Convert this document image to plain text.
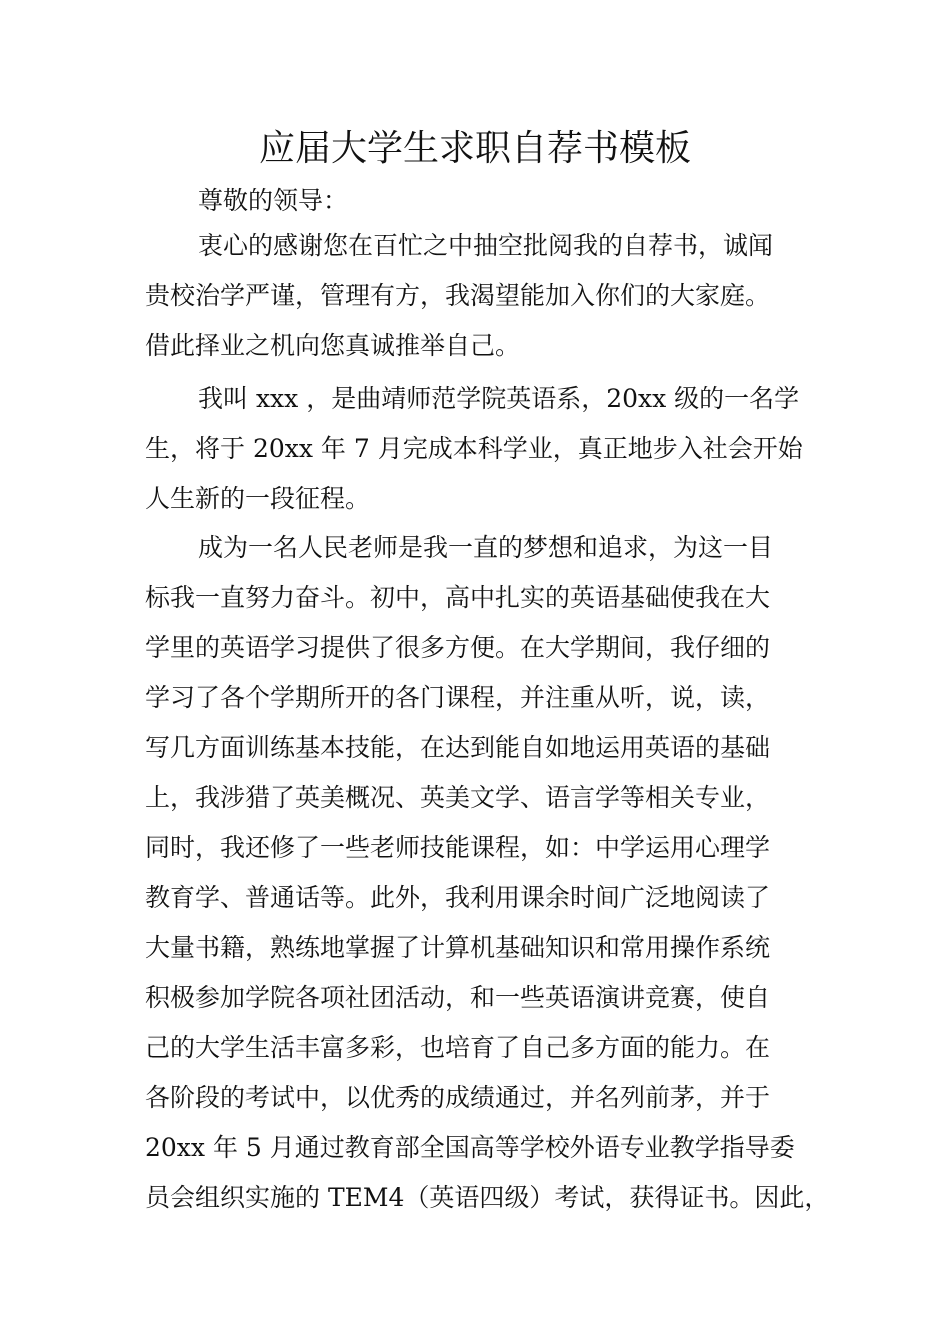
应届大学生求职自荐书模板
尊敬的领导：
衷心的感谢您在百忙之中抽空批阅我的自荐书，诚闻
贵校治学严谨，管理有方，我渴望能加入你们的大家庭。
借此择业之机向您真诚推举自己。
我叫 xxx ，是曲靖师范学院英语系，20xx 级的一名学
生，将于 20xx 年 7 月完成本科学业，真正地步入社会开始
人生新的一段征程。
成为一名人民老师是我一直的梦想和追求，为这一目
标我一直努力奋斗。初中，高中扎实的英语基础使我在大
学里的英语学习提供了很多方便。在大学期间，我仔细的
学习了各个学期所开的各门课程，并注重从听，说，读，
写几方面训练基本技能，在达到能自如地运用英语的基础
上，我涉猎了英美概况、英美文学、语言学等相关专业，
同时，我还修了一些老师技能课程，如：中学运用心理学
教育学、普通话等。此外，我利用课余时间广泛地阅读了
大量书籍，熟练地掌握了计算机基础知识和常用操作系统
积极参加学院各项社团活动，和一些英语演讲竞赛，使自
己的大学生活丰富多彩，也培育了自己多方面的能力。在
各阶段的考试中，以优秀的成绩通过，并名列前茅，并于
20xx 年 5 月通过教育部全国高等学校外语专业教学指导委
员会组织实施的 TEM4（英语四级）考试，获得证书。因此，
